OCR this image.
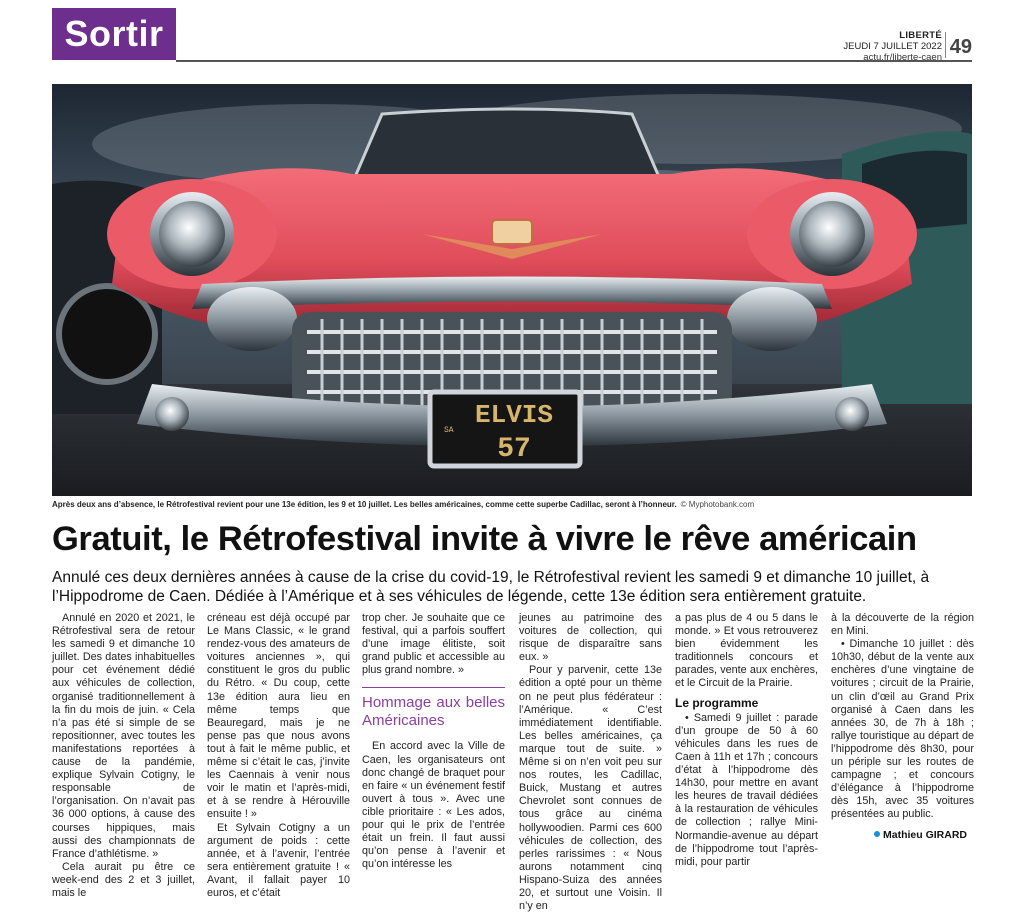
Sortir	LIBERTÉ
JEUDI 7 JUILLET 2022
actu.fr/liberte-caen 49
SA
ELVIS
57
Après deux ans d’absence, le Rétrofestival revient pour une 13e édition, les 9 et 10 juillet. Les belles américaines, comme cette superbe Cadillac, seront à l’honneur. © Myphotobank.com
Gratuit, le Rétrofestival invite à vivre le rêve américain

Annulé ces deux dernières années à cause de la crise du covid-19, le Rétrofestival revient les samedi 9 et dimanche 10 juillet, à l’Hippodrome de Caen. Dédiée à l’Amérique et à ses véhicules de légende, cette 13e édition sera entièrement gratuite.

Annulé en 2020 et 2021, le Rétrofestival sera de retour les samedi 9 et dimanche 10 juillet. Des dates inhabituelles pour cet événement dédié aux véhicules de collection, organisé traditionnellement à la fin du mois de juin. « Cela n’a pas été si simple de se repositionner, avec toutes les manifestations reportées à cause de la pandémie, explique Sylvain Cotigny, le responsable de l’organisation. On n’avait pas 36 000 options, à cause des courses hippiques, mais aussi des championnats de France d’athlétisme. »

Cela aurait pu être ce week-end des 2 et 3 juillet, mais le

créneau est déjà occupé par Le Mans Classic, « le grand rendez-vous des amateurs de voitures anciennes », qui constituent le gros du public du Rétro. « Du coup, cette 13e édition aura lieu en même temps que Beauregard, mais je ne pense pas que nous avons tout à fait le même public, et même si c’était le cas, j’invite les Caennais à venir nous voir le matin et l’après-midi, et à se rendre à Hérouville ensuite ! »

Et Sylvain Cotigny a un argument de poids : cette année, et à l’avenir, l’entrée sera entièrement gratuite ! « Avant, il fallait payer 10 euros, et c’était

trop cher. Je souhaite que ce festival, qui a parfois souffert d’une image élitiste, soit grand public et accessible au plus grand nombre. »

Hommage aux belles Américaines

En accord avec la Ville de Caen, les organisateurs ont donc changé de braquet pour en faire « un événement festif ouvert à tous ». Avec une cible prioritaire : « Les ados, pour qui le prix de l’entrée était un frein. Il faut aussi qu’on pense à l’avenir et qu’on intéresse les

jeunes au patrimoine des voitures de collection, qui risque de disparaître sans eux. »

Pour y parvenir, cette 13e édition a opté pour un thème on ne peut plus fédérateur : l’Amérique. « C’est immédiatement identifiable. Les belles américaines, ça marque tout de suite. » Même si on n’en voit peu sur nos routes, les Cadillac, Buick, Mustang et autres Chevrolet sont connues de tous grâce au cinéma hollywoodien. Parmi ces 600 véhicules de collection, des perles rarissimes : « Nous aurons notamment cinq Hispano-Suiza des années 20, et surtout une Voisin. Il n’y en

a pas plus de 4 ou 5 dans le monde. » Et vous retrouverez bien évidemment les traditionnels concours et parades, vente aux enchères, et le Circuit de la Prairie.

Le programme

• Samedi 9 juillet : parade d’un groupe de 50 à 60 véhicules dans les rues de Caen à 11h et 17h ; concours d’état à l’hippodrome dès 14h30, pour mettre en avant les heures de travail dédiées à la restauration de véhicules de collection ; rallye Mini-Normandie-avenue au départ de l’hippodrome tout l’après-midi, pour partir

à la découverte de la région en Mini.

• Dimanche 10 juillet : dès 10h30, début de la vente aux enchères d’une vingtaine de voitures ; circuit de la Prairie, un clin d’œil au Grand Prix organisé à Caen dans les années 30, de 7h à 18h ; rallye touristique au départ de l’hippodrome dès 8h30, pour un périple sur les routes de campagne ; et concours d’élégance à l’hippodrome dès 15h, avec 35 voitures présentées au public.

Mathieu GIRARD
